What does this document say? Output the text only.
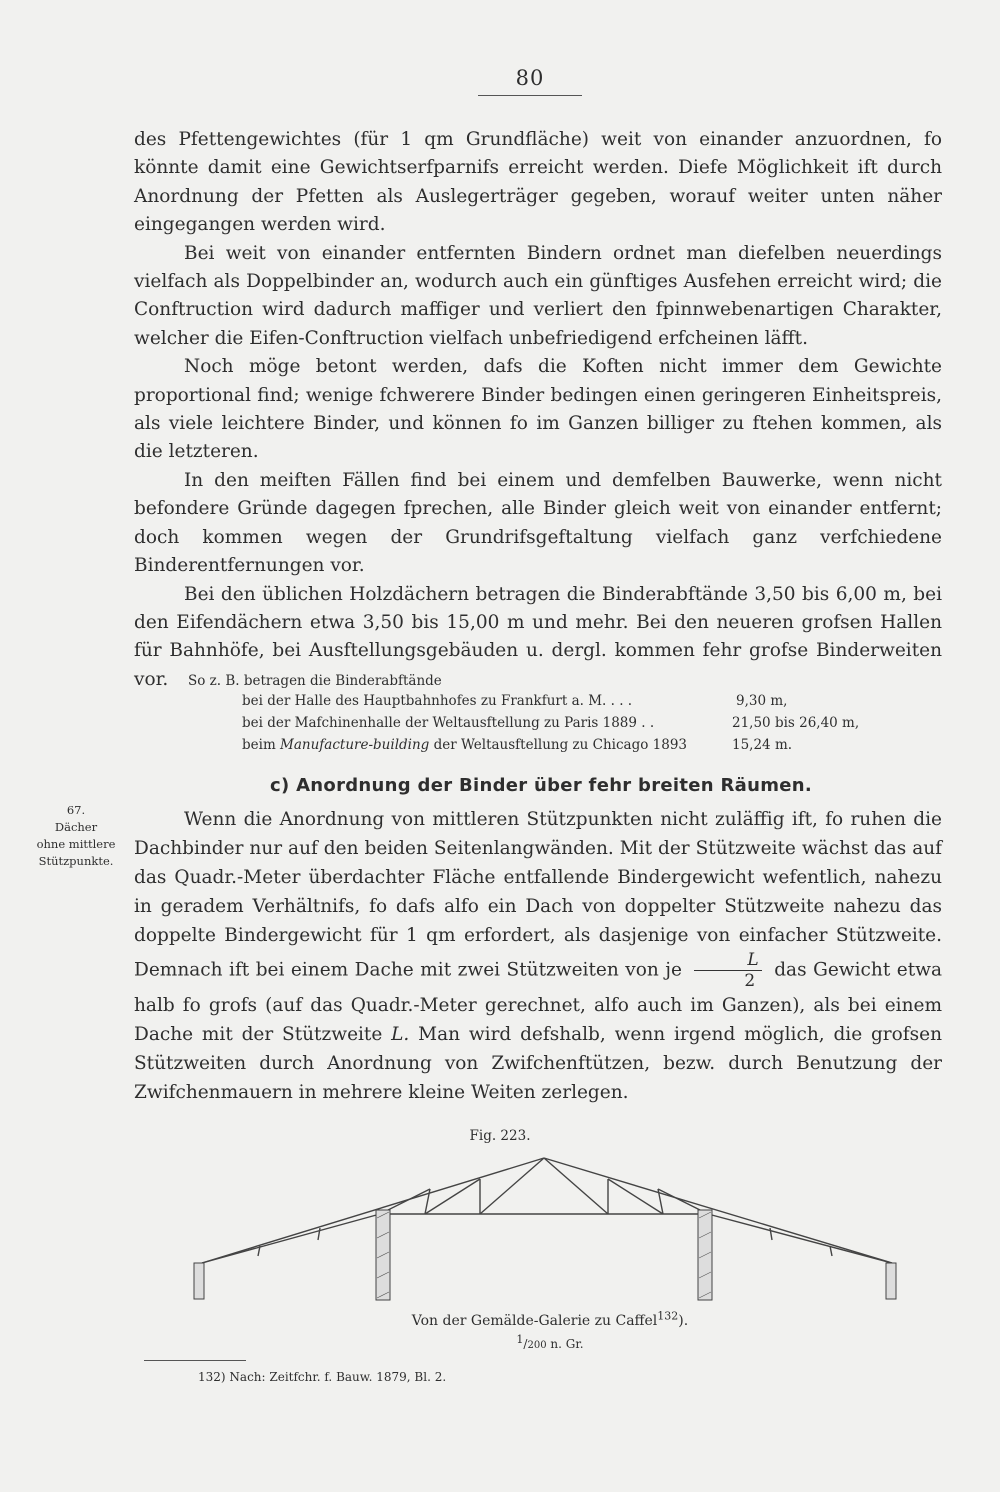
80

des Pfettengewichtes (für 1 qm Grundfläche) weit von einander anzuordnen, fo könnte damit eine Gewichtserfparnifs erreicht werden. Diefe Möglichkeit ift durch Anordnung der Pfetten als Auslegerträger gegeben, worauf weiter unten näher eingegangen werden wird.

Bei weit von einander entfernten Bindern ordnet man diefelben neuerdings vielfach als Doppelbinder an, wodurch auch ein günftiges Ausfehen erreicht wird; die Conftruction wird dadurch maffiger und verliert den fpinnwebenartigen Charakter, welcher die Eifen-Conftruction vielfach unbefriedigend erfcheinen läfft.

Noch möge betont werden, dafs die Koften nicht immer dem Gewichte proportional find; wenige fchwerere Binder bedingen einen geringeren Einheitspreis, als viele leichtere Binder, und können fo im Ganzen billiger zu ftehen kommen, als die letzteren.

In den meiften Fällen find bei einem und demfelben Bauwerke, wenn nicht befondere Gründe dagegen fprechen, alle Binder gleich weit von einander entfernt; doch kommen wegen der Grundrifsgeftaltung vielfach ganz verfchiedene Binderentfernungen vor.

Bei den üblichen Holzdächern betragen die Binderabftände 3,50 bis 6,00 m, bei den Eifendächern etwa 3,50 bis 15,00 m und mehr. Bei den neueren grofsen Hallen für Bahnhöfe, bei Ausftellungsgebäuden u. dergl. kommen fehr grofse Binderweiten vor.	So z. B. betragen die Binderabftände
bei der Halle des Hauptbahnhofes zu Frankfurt a. M. . . .	9,30 m,
bei der Mafchinenhalle der Weltausftellung zu Paris 1889 . .	21,50 bis 26,40 m,
beim Manufacture-building der Weltausftellung zu Chicago 1893	15,24 m.
c) Anordnung der Binder über fehr breiten Räumen.
67.
Dächer
ohne mittlere
Stützpunkte.

Wenn die Anordnung von mittleren Stützpunkten nicht zuläffig ift, fo ruhen die Dachbinder nur auf den beiden Seitenlangwänden. Mit der Stützweite wächst das auf das Quadr.-Meter überdachter Fläche entfallende Bindergewicht wefentlich, nahezu in geradem Verhältnifs, fo dafs alfo ein Dach von doppelter Stützweite nahezu das doppelte Bindergewicht für 1 qm erfordert, als dasjenige von einfacher Stützweite. Demnach ift bei einem Dache mit zwei Stützweiten von je $\frac{L}{2}$ das Gewicht etwa halb fo grofs (auf das Quadr.-Meter gerechnet, alfo auch im Ganzen), als bei einem Dache mit der Stützweite L. Man wird defshalb, wenn irgend möglich, die grofsen Stützweiten durch Anordnung von Zwifchenftützen, bezw. durch Benutzung der Zwifchenmauern in mehrere kleine Weiten zerlegen.

Fig. 223.
Von der Gemälde-Galerie zu Caffel$^{132}$).
1/200 n. Gr.
132) Nach: Zeitfchr. f. Bauw. 1879, Bl. 2.
